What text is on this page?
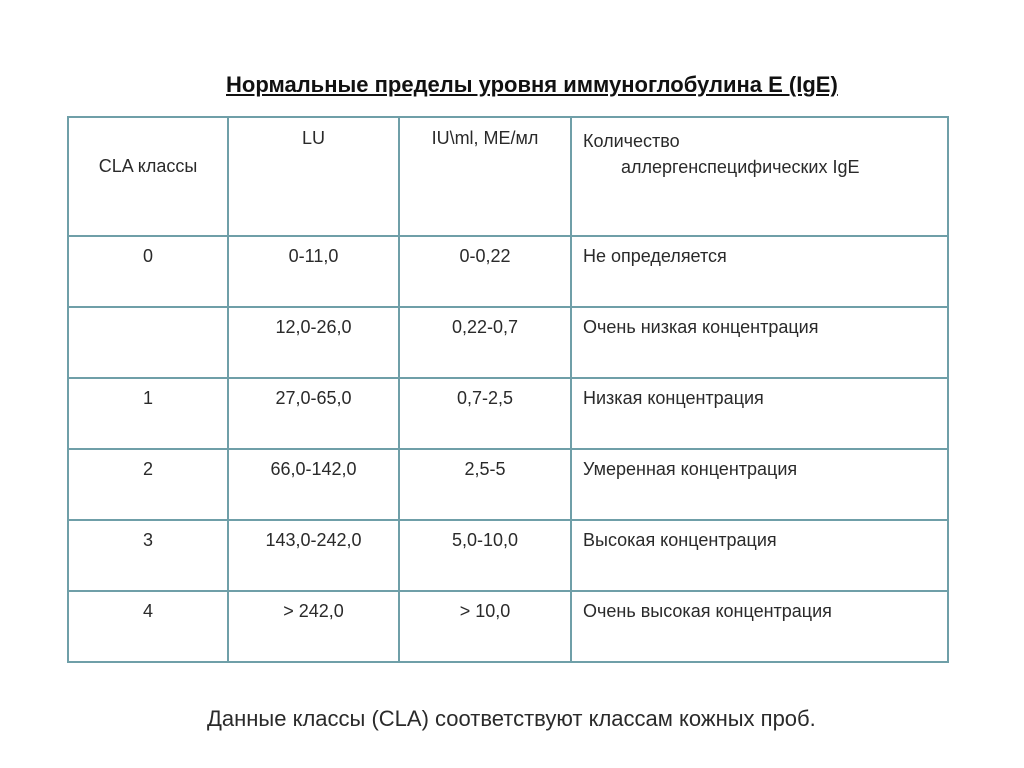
Нормальные пределы уровня иммуноглобулина Е (IgE)
CLA классы	LU	IU\ml, МЕ/мл	Количество
аллергенспецифических IgE

0	0-11,0	0-0,22	Не определяется

	12,0-26,0	0,22-0,7	Очень низкая концентрация

1	27,0-65,0	0,7-2,5	Низкая концентрация

2	66,0-142,0	2,5-5	Умеренная концентрация

3	143,0-242,0	5,0-10,0	Высокая концентрация

4	> 242,0	> 10,0	Очень высокая концентрация
Данные классы (CLA) соответствуют классам кожных проб.
